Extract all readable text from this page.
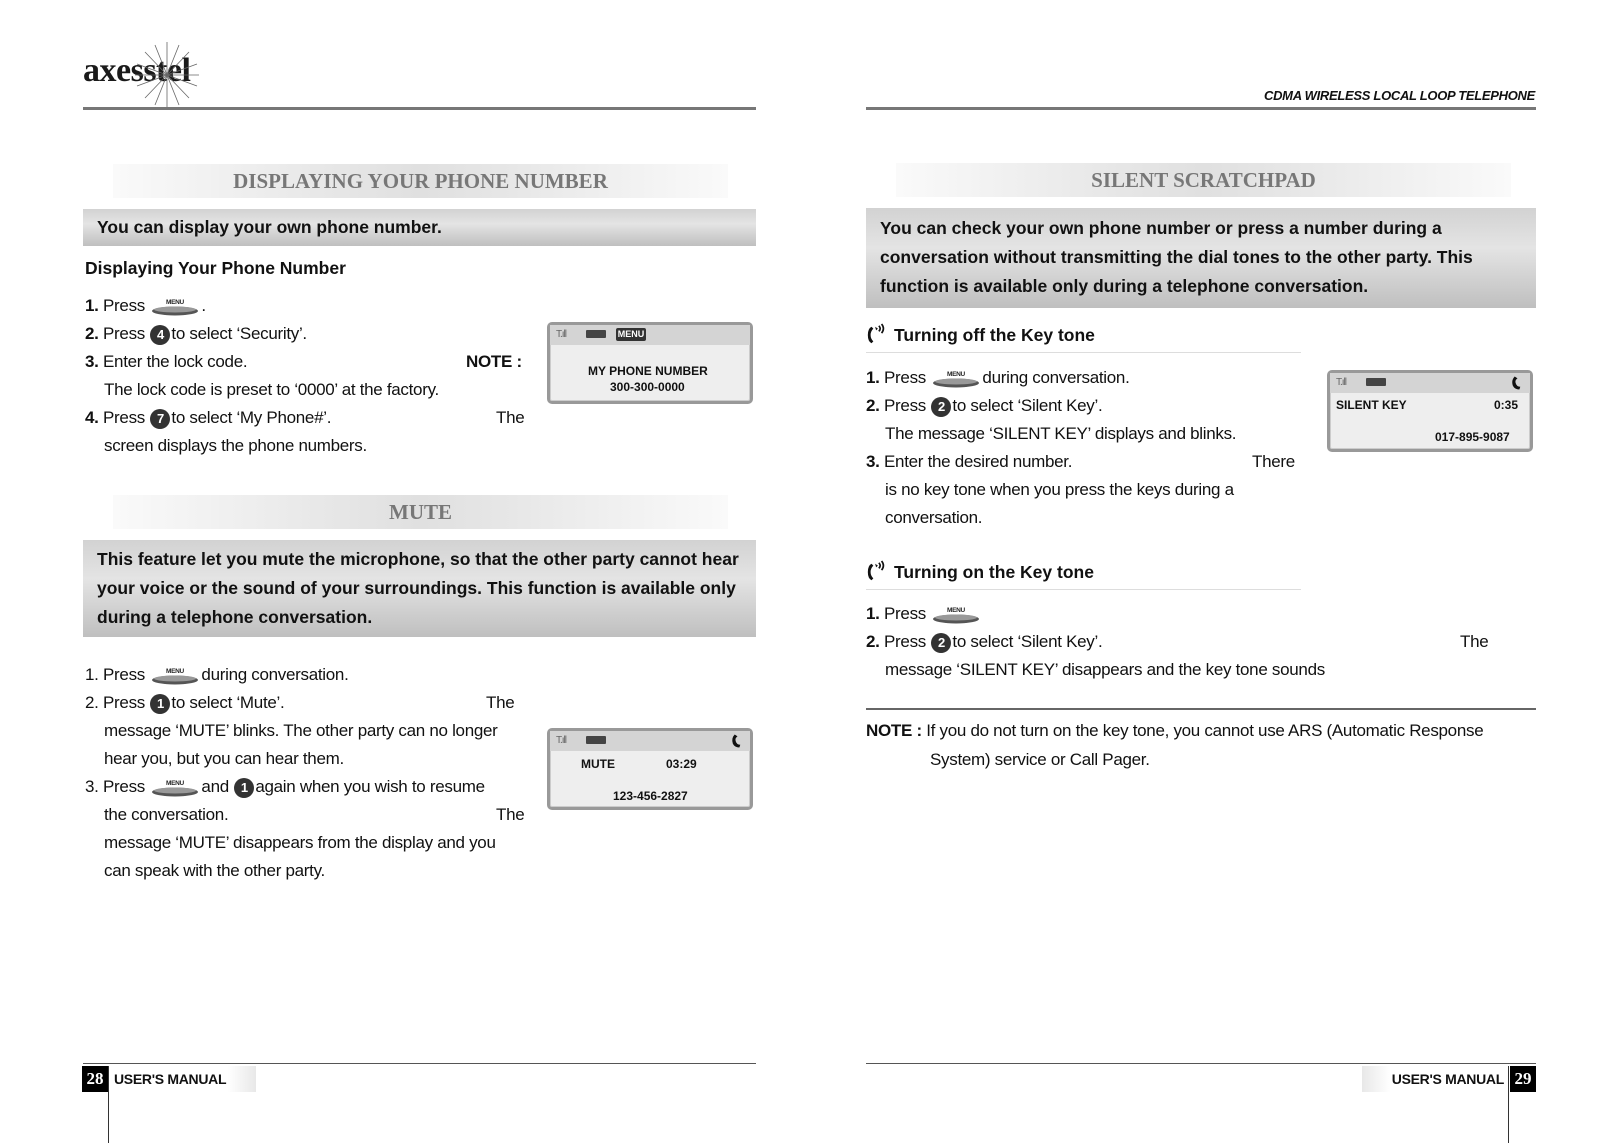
axesstel
CDMA WIRELESS LOCAL LOOP TELEPHONE
DISPLAYING YOUR PHONE NUMBER
You can display your own phone number.
Displaying Your Phone Number

1. Press	.

2. Press 4 to select ‘Security’.

3. Enter the lock code.	NOTE :

The lock code is preset to ‘0000’ at the factory.

4. Press 7 to select ‘My Phone#’.	The

screen displays the phone numbers.

T.ıll	MENU
MY PHONE NUMBER
300-300-0000
MUTE
This feature let you mute the microphone, so that the other party cannot hear your voice or the sound of your surroundings. This function is available only during a telephone conversation.

1. Press	during conversation.

2. Press 1 to select ‘Mute’.	The

message ‘MUTE’ blinks. The other party can no longer

hear you, but you can hear them.

3. Press	and 1 again when you wish to resume

the conversation.	The

message ‘MUTE’ disappears from the display and you

can speak with the other party.

T.ıll
MUTE	03:29
123-456-2827
SILENT SCRATCHPAD
You can check your own phone number or press a number during a conversation without transmitting the dial tones to the other party. This function is available only during a telephone conversation.
Turning off the Key tone

1. Press	during conversation.

2. Press 2 to select ‘Silent Key’.

The message ‘SILENT KEY’ displays and blinks.

3. Enter the desired number.	There

is no key tone when you press the keys during a

conversation.

T.ıll
SILENT KEY	0:35
017-895-9087
Turning on the Key tone

1. Press

2. Press 2 to select ‘Silent Key’.	The

message ‘SILENT KEY’ disappears and the key tone sounds

NOTE : If you do not turn on the key tone, you cannot use ARS (Automatic Response
System) service or Call Pager.
28 USER'S MANUAL	USER'S MANUAL 29
